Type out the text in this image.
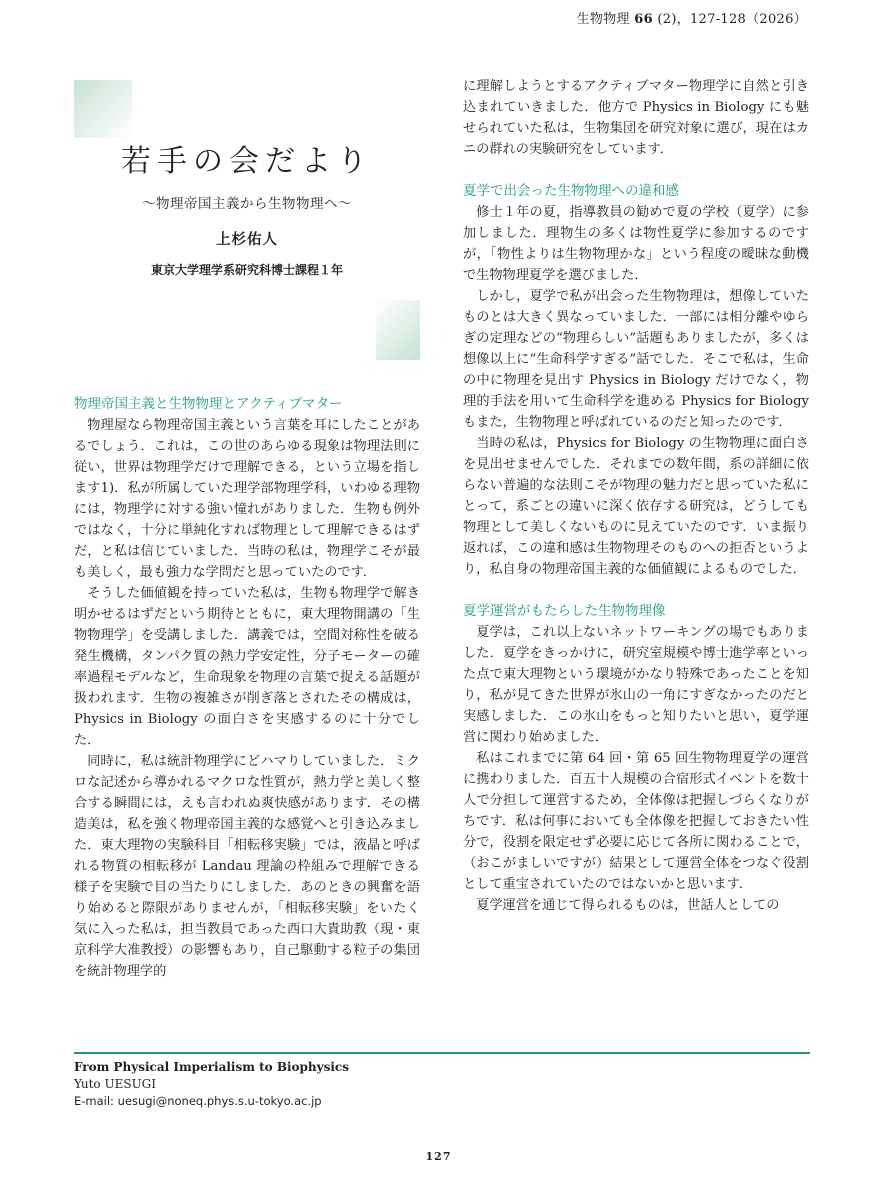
生物物理 66 (2)，127-128（2026）
若手の会だより
～物理帝国主義から生物物理へ～
上杉佑人
東京大学理学系研究科博士課程１年
物理帝国主義と生物物理とアクティブマター

物理屋なら物理帝国主義という言葉を耳にしたことがあるでしょう．これは，この世のあらゆる現象は物理法則に従い，世界は物理学だけで理解できる，という立場を指します1)．私が所属していた理学部物理学科，いわゆる理物には，物理学に対する強い憧れがありました．生物も例外ではなく，十分に単純化すれば物理として理解できるはずだ，と私は信じていました．当時の私は，物理学こそが最も美しく，最も強力な学問だと思っていたのです．

そうした価値観を持っていた私は，生物も物理学で解き明かせるはずだという期待とともに，東大理物開講の「生物物理学」を受講しました．講義では，空間対称性を破る発生機構，タンパク質の熱力学安定性，分子モーターの確率過程モデルなど，生命現象を物理の言葉で捉える話題が扱われます．生物の複雑さが削ぎ落とされたその構成は，Physics in Biology の面白さを実感するのに十分でした．

同時に，私は統計物理学にどハマりしていました．ミクロな記述から導かれるマクロな性質が，熱力学と美しく整合する瞬間には，えも言われぬ爽快感があります．その構造美は，私を強く物理帝国主義的な感覚へと引き込みました．東大理物の実験科目「相転移実験」では，液晶と呼ばれる物質の相転移が Landau 理論の枠組みで理解できる様子を実験で目の当たりにしました．あのときの興奮を語り始めると際限がありませんが，「相転移実験」をいたく気に入った私は，担当教員であった西口大貴助教（現・東京科学大准教授）の影響もあり，自己駆動する粒子の集団を統計物理学的

に理解しようとするアクティブマター物理学に自然と引き込まれていきました．他方で Physics in Biology にも魅せられていた私は，生物集団を研究対象に選び，現在はカニの群れの実験研究をしています．

夏学で出会った生物物理への違和感

修士１年の夏，指導教員の勧めで夏の学校（夏学）に参加しました．理物生の多くは物性夏学に参加するのですが，「物性よりは生物物理かな」という程度の曖昧な動機で生物物理夏学を選びました．

しかし，夏学で私が出会った生物物理は，想像していたものとは大きく異なっていました．一部には相分離やゆらぎの定理などの“物理らしい”話題もありましたが，多くは想像以上に“生命科学すぎる”話でした．そこで私は，生命の中に物理を見出す Physics in Biology だけでなく，物理的手法を用いて生命科学を進める Physics for Biology もまた，生物物理と呼ばれているのだと知ったのです．

当時の私は，Physics for Biology の生物物理に面白さを見出せませんでした．それまでの数年間，系の詳細に依らない普遍的な法則こそが物理の魅力だと思っていた私にとって，系ごとの違いに深く依存する研究は，どうしても物理として美しくないものに見えていたのです．いま振り返れば，この違和感は生物物理そのものへの拒否というより，私自身の物理帝国主義的な価値観によるものでした．

夏学運営がもたらした生物物理像

夏学は，これ以上ないネットワーキングの場でもありました．夏学をきっかけに，研究室規模や博士進学率といった点で東大理物という環境がかなり特殊であったことを知り，私が見てきた世界が氷山の一角にすぎなかったのだと実感しました．この氷山をもっと知りたいと思い，夏学運営に関わり始めました．

私はこれまでに第 64 回・第 65 回生物物理夏学の運営に携わりました．百五十人規模の合宿形式イベントを数十人で分担して運営するため，全体像は把握しづらくなりがちです．私は何事においても全体像を把握しておきたい性分で，役割を限定せず必要に応じて各所に関わることで，（おこがましいですが）結果として運営全体をつなぐ役割として重宝されていたのではないかと思います．

夏学運営を通じて得られるものは，世話人としての

From Physical Imperialism to Biophysics
Yuto UESUGI
E-mail: uesugi@noneq.phys.s.u-tokyo.ac.jp
127
